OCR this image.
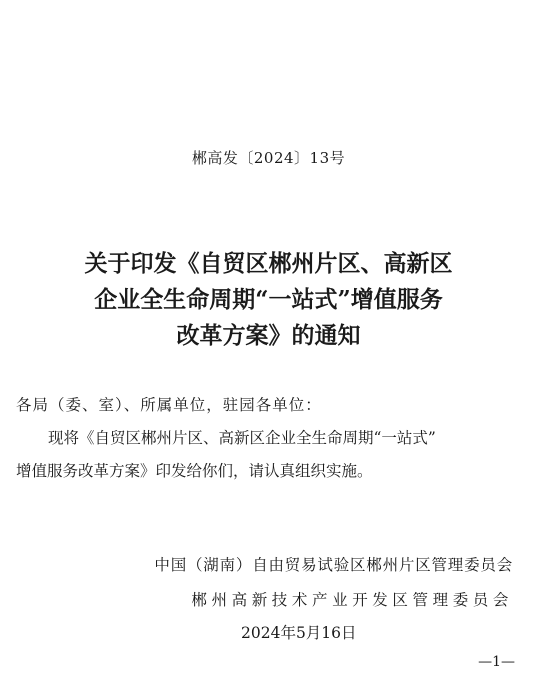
郴高发〔2024〕13号
关于印发《自贸区郴州片区、高新区
企业全生命周期“一站式”增值服务
改革方案》的通知
各局（委、室）、所属单位，驻园各单位：
现将《自贸区郴州片区、高新区企业全生命周期“一站式”
增值服务改革方案》印发给你们，请认真组织实施。
中国（湖南）自由贸易试验区郴州片区管理委员会
郴州高新技术产业开发区管理委员会
2024年5月16日
—1—
